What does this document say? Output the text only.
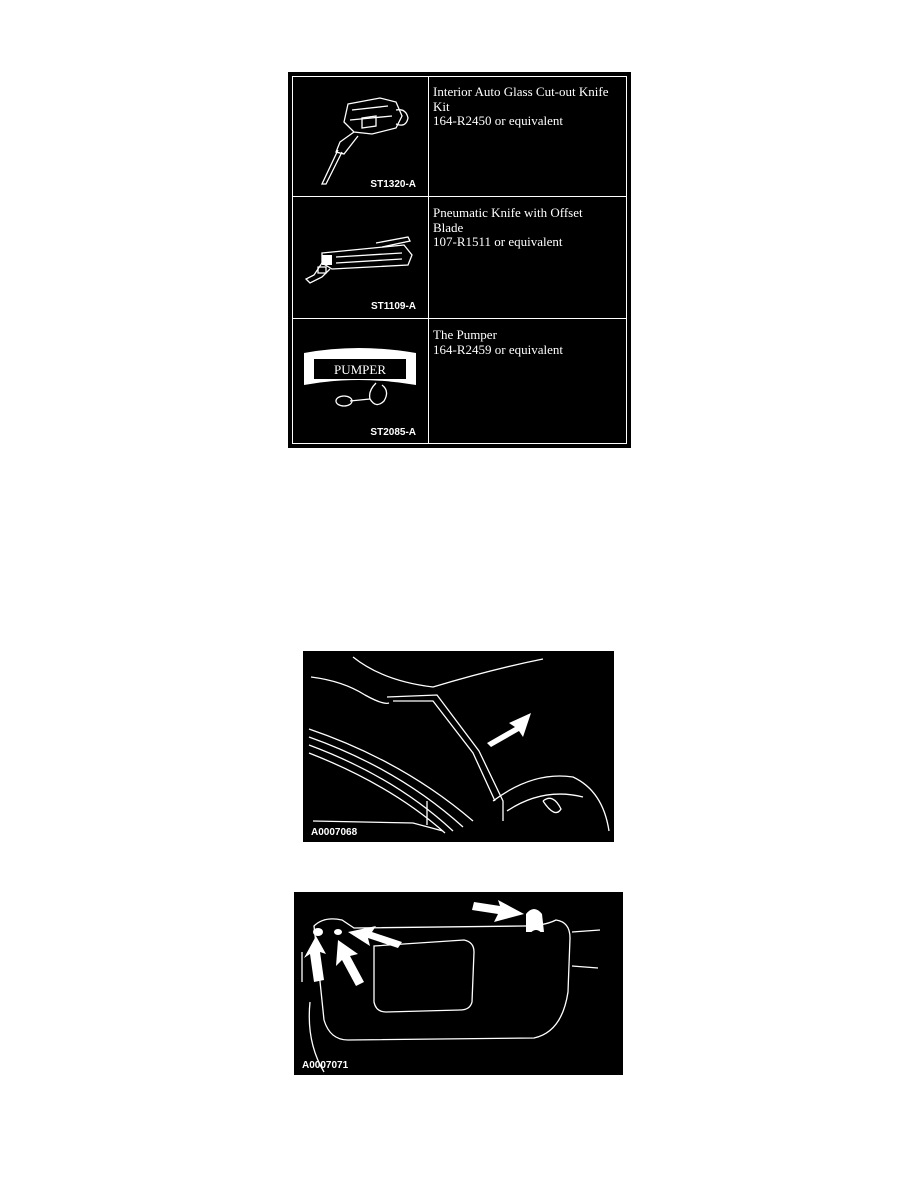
ST1320-A
Interior Auto Glass Cut-out Knife
Kit
164-R2450 or equivalent
ST1109-A
Pneumatic Knife with Offset
Blade
107-R1511 or equivalent
PUMPER
ST2085-A
The Pumper
164-R2459 or equivalent
A0007068
A0007071
